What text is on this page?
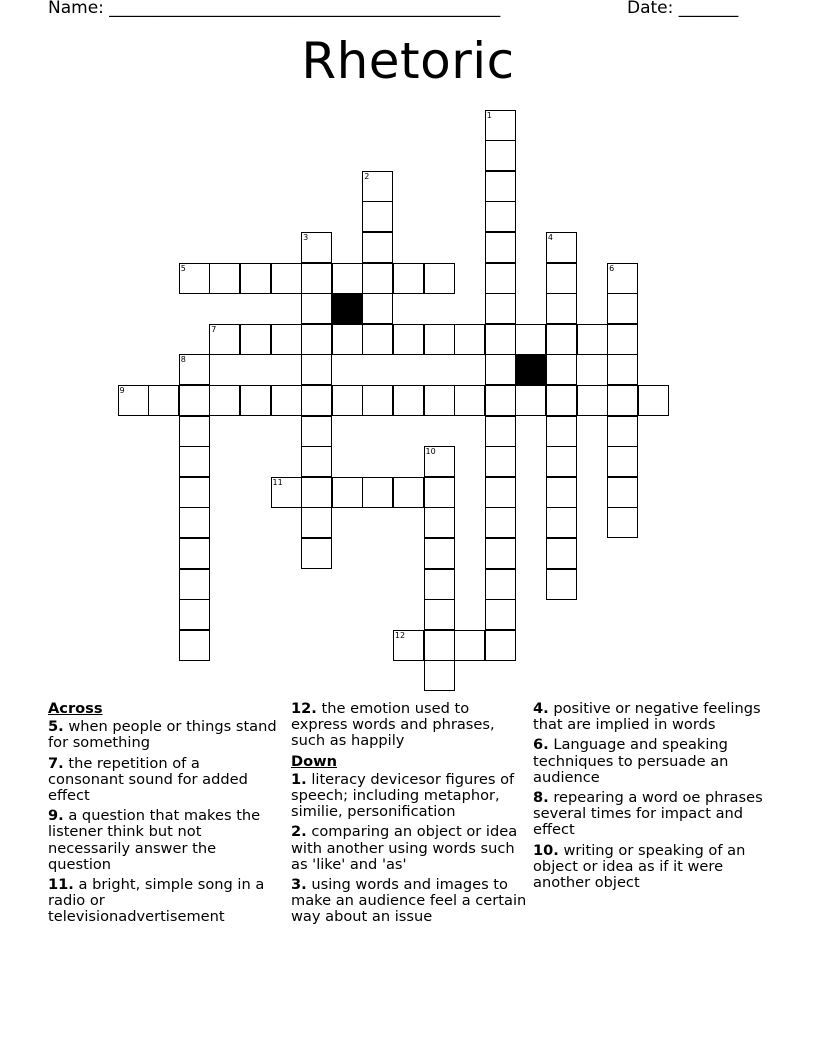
Name: ______________________________________________	Date: _______
Rhetoric
1
2
3	4
5	6
7
8
9
10
11
12
Across
5. when people or things stand for something
7. the repetition of a consonant sound for added effect
9. a question that makes the listener think but not necessarily answer the question
11. a bright, simple song in a radio or televisionadvertisement
12. the emotion used to express words and phrases, such as happily
Down
1. literacy devicesor figures of speech; including metaphor, similie, personification
2. comparing an object or idea with another using words such as 'like' and 'as'
3. using words and images to make an audience feel a certain way about an issue
4. positive or negative feelings that are implied in words
6. Language and speaking techniques to persuade an audience
8. repearing a word oe phrases several times for impact and effect
10. writing or speaking of an object or idea as if it were another object
